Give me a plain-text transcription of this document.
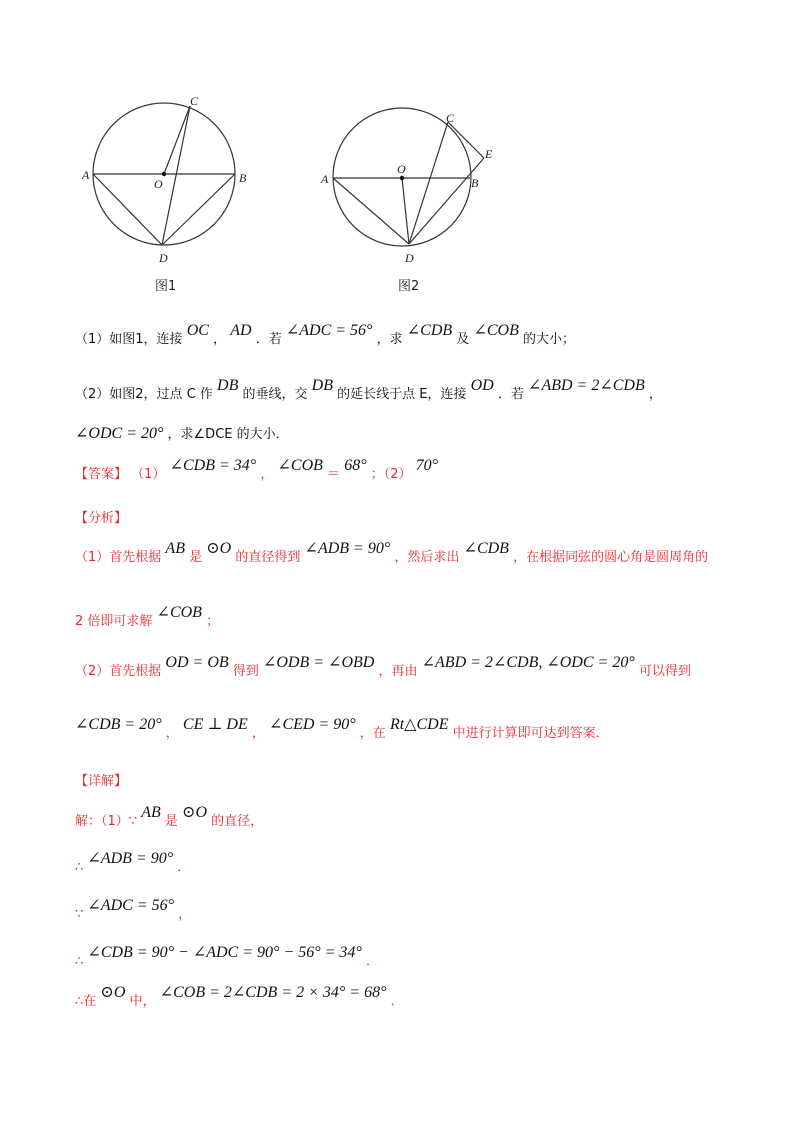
A	B
C
D
O
图1
A	B
C
D
O
E
图2
（1）如图1，连接 OC ， AD ．若 ∠ADC = 56° ，求 ∠CDB 及 ∠COB 的大小；
（2）如图2，过点 C 作 DB 的垂线，交 DB 的延长线于点 E，连接 OD ．若 ∠ABD = 2∠CDB ，
∠ODC = 20° ，求∠DCE 的大小．
【答案】 （1） ∠CDB = 34° ， ∠COB ＝ 68° ；（2） 70°
【分析】
（1）首先根据 AB 是 ⊙O 的直径得到 ∠ADB = 90° ，然后求出 ∠CDB ，在根据同弦的圆心角是圆周角的
2 倍即可求解 ∠COB ；
（2）首先根据 OD = OB 得到 ∠ODB = ∠OBD ，再由 ∠ABD = 2∠CDB, ∠ODC = 20° 可以得到
∠CDB = 20° ， CE ⊥ DE ， ∠CED = 90° ，在 Rt△CDE 中进行计算即可达到答案．
【详解】
解：（1）∵ AB 是 ⊙O 的直径，
∴ ∠ADB = 90° ．
∵ ∠ADC = 56° ，
∴ ∠CDB = 90° − ∠ADC = 90° − 56° = 34° ．
∴在 ⊙O 中， ∠COB = 2∠CDB = 2 × 34° = 68° ．
